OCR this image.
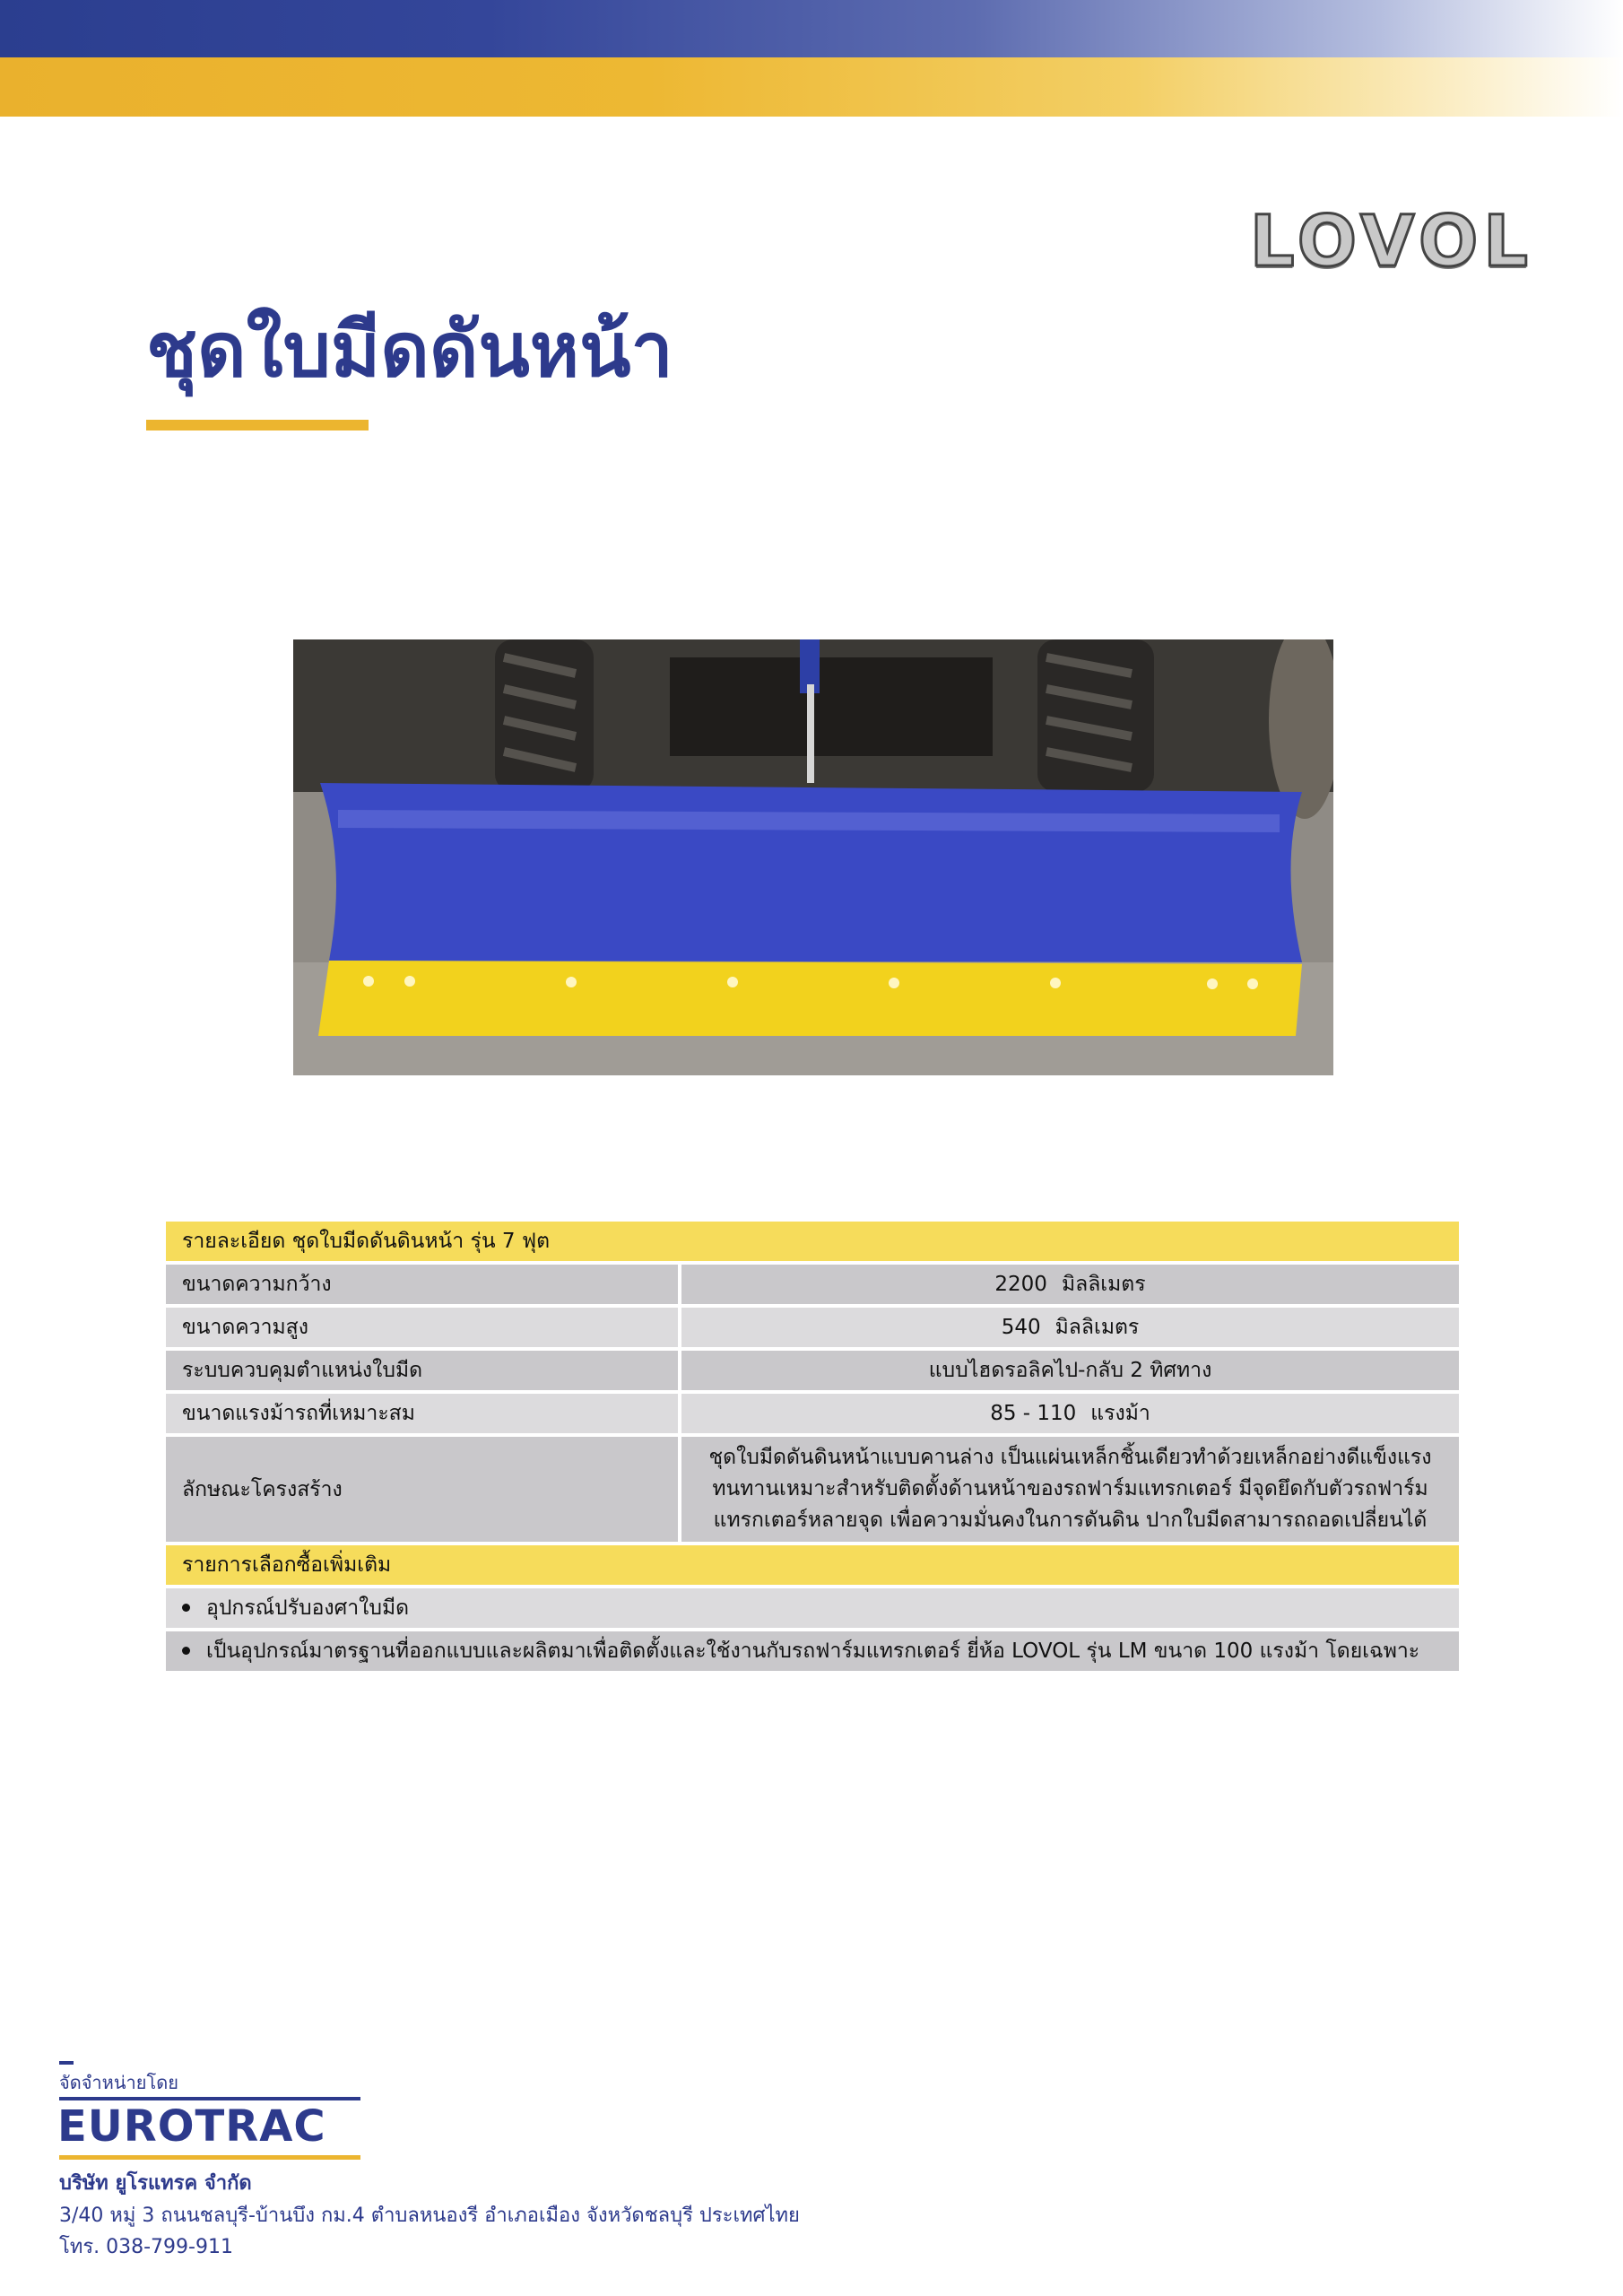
LOVOL
ชุดใบมีดดันหน้า
รายละเอียด ชุดใบมีดดันดินหน้า รุ่น 7 ฟุต	
ขนาดความกว้าง	2200 มิลลิเมตร
ขนาดความสูง	540 มิลลิเมตร
ระบบควบคุมตำแหน่งใบมีด	แบบไฮดรอลิคไป-กลับ 2 ทิศทาง
ขนาดแรงม้ารถที่เหมาะสม	85 - 110 แรงม้า
ลักษณะโครงสร้าง	ชุดใบมีดดันดินหน้าแบบคานล่าง เป็นแผ่นเหล็กชิ้นเดียวทำด้วยเหล็กอย่างดีแข็งแรง
ทนทานเหมาะสำหรับติดตั้งด้านหน้าของรถฟาร์มแทรกเตอร์ มีจุดยึดกับตัวรถฟาร์ม
แทรกเตอร์หลายจุด เพื่อความมั่นคงในการดันดิน ปากใบมีดสามารถถอดเปลี่ยนได้

รายการเลือกซื้อเพิ่มเติม	
อุปกรณ์ปรับองศาใบมีด	
เป็นอุปกรณ์มาตรฐานที่ออกแบบและผลิตมาเพื่อติดตั้งและใช้งานกับรถฟาร์มแทรกเตอร์ ยี่ห้อ LOVOL รุ่น LM ขนาด 100 แรงม้า โดยเฉพาะ	
จัดจำหน่ายโดย
EUROTRAC
บริษัท ยูโรแทรค จำกัด
3/40 หมู่ 3 ถนนชลบุรี-บ้านบึง กม.4 ตำบลหนองรี อำเภอเมือง จังหวัดชลบุรี ประเทศไทย
โทร. 038-799-911
